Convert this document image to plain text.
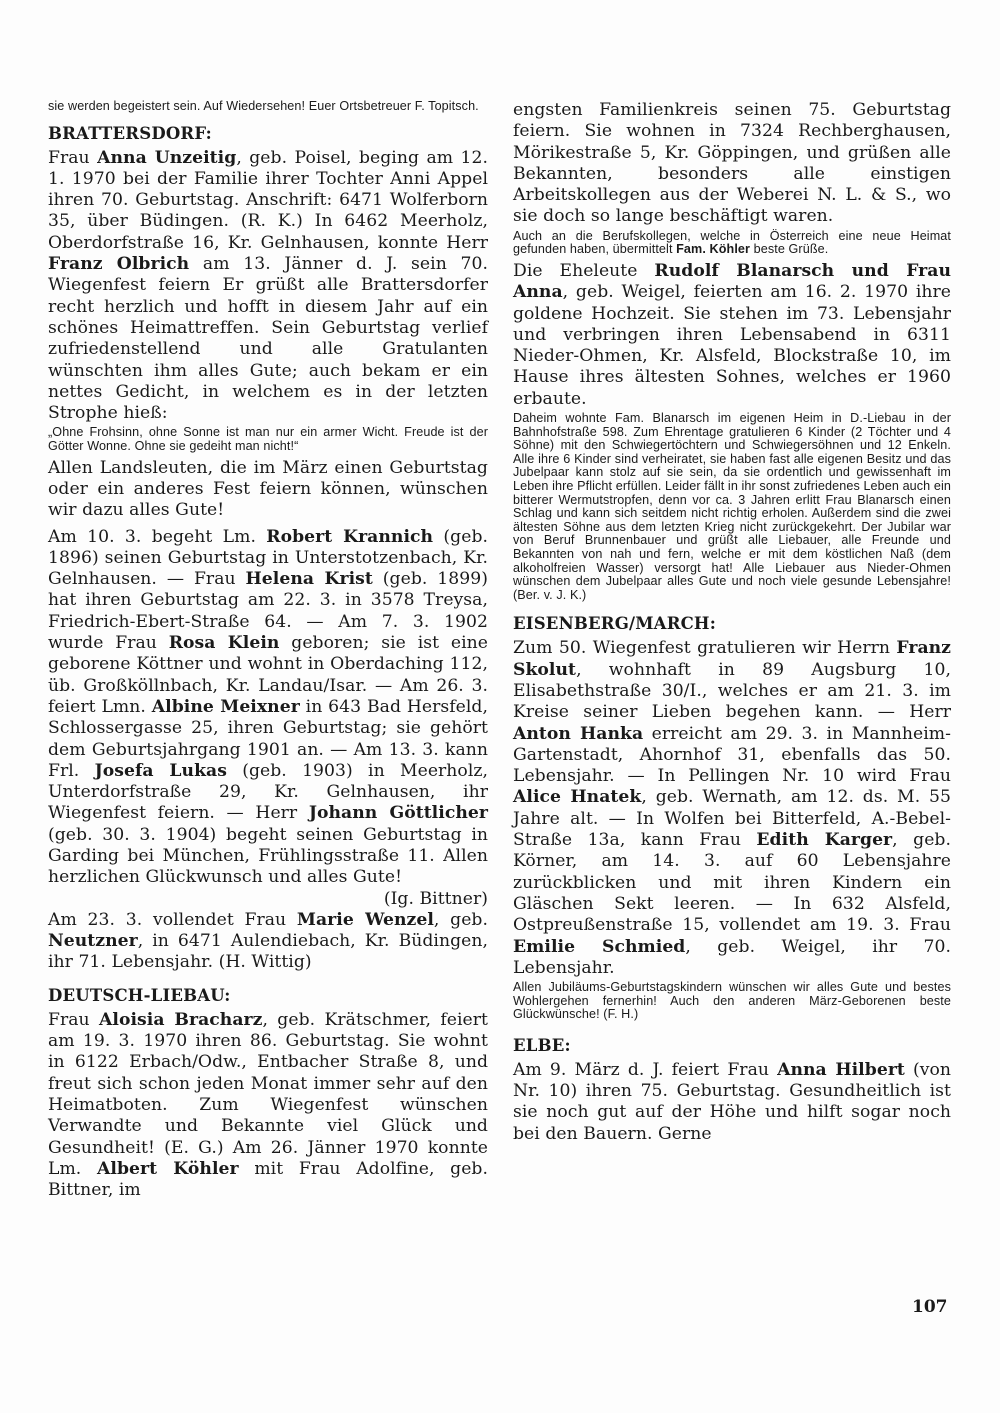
sie werden begeistert sein. Auf Wiedersehen! Euer Ortsbetreuer F. Topitsch.

BRATTERSDORF:

Frau Anna Unzeitig, geb. Poisel, beging am 12. 1. 1970 bei der Familie ihrer Tochter Anni Appel ihren 70. Geburtstag. Anschrift: 6471 Wolferborn 35, über Büdingen. (R. K.) In 6462 Meerholz, Oberdorfstraße 16, Kr. Gelnhausen, konnte Herr Franz Olbrich am 13. Jänner d. J. sein 70. Wiegenfest feiern Er grüßt alle Brattersdorfer recht herzlich und hofft in diesem Jahr auf ein schönes Heimattreffen. Sein Geburtstag verlief zufriedenstellend und alle Gratulanten wünschten ihm alles Gute; auch bekam er ein nettes Gedicht, in welchem es in der letzten Strophe hieß:

„Ohne Frohsinn, ohne Sonne ist man nur ein armer Wicht. Freude ist der Götter Wonne. Ohne sie gedeiht man nicht!“

Allen Landsleuten, die im März einen Geburtstag oder ein anderes Fest feiern können, wünschen wir dazu alles Gute!

Am 10. 3. begeht Lm. Robert Krannich (geb. 1896) seinen Geburtstag in Unterstotzenbach, Kr. Gelnhausen. — Frau Helena Krist (geb. 1899) hat ihren Geburtstag am 22. 3. in 3578 Treysa, Friedrich-Ebert-Straße 64. — Am 7. 3. 1902 wurde Frau Rosa Klein geboren; sie ist eine geborene Köttner und wohnt in Oberdaching 112, üb. Großköllnbach, Kr. Landau/Isar. — Am 26. 3. feiert Lmn. Albine Meixner in 643 Bad Hersfeld, Schlossergasse 25, ihren Geburtstag; sie gehört dem Geburtsjahrgang 1901 an. — Am 13. 3. kann Frl. Josefa Lukas (geb. 1903) in Meerholz, Unterdorfstraße 29, Kr. Gelnhausen, ihr Wiegenfest feiern. — Herr Johann Göttlicher (geb. 30. 3. 1904) begeht seinen Geburtstag in Garding bei München, Frühlingsstraße 11. Allen herzlichen Glückwunsch und alles Gute!

(Ig. Bittner)

Am 23. 3. vollendet Frau Marie Wenzel, geb. Neutzner, in 6471 Aulendiebach, Kr. Büdingen, ihr 71. Lebensjahr. (H. Wittig)

DEUTSCH-LIEBAU:

Frau Aloisia Bracharz, geb. Krätschmer, feiert am 19. 3. 1970 ihren 86. Geburtstag. Sie wohnt in 6122 Erbach/Odw., Entbacher Straße 8, und freut sich schon jeden Monat immer sehr auf den Heimatboten. Zum Wiegenfest wünschen Verwandte und Bekannte viel Glück und Gesundheit! (E. G.) Am 26. Jänner 1970 konnte Lm. Albert Köhler mit Frau Adolfine, geb. Bittner, im

engsten Familienkreis seinen 75. Geburtstag feiern. Sie wohnen in 7324 Rechberghausen, Mörikestraße 5, Kr. Göppingen, und grüßen alle Bekannten, besonders alle einstigen Arbeitskollegen aus der Weberei N. L. & S., wo sie doch so lange beschäftigt waren.

Auch an die Berufskollegen, welche in Österreich eine neue Heimat gefunden haben, übermittelt Fam. Köhler beste Grüße.

Die Eheleute Rudolf Blanarsch und Frau Anna, geb. Weigel, feierten am 16. 2. 1970 ihre goldene Hochzeit. Sie stehen im 73. Lebensjahr und verbringen ihren Lebensabend in 6311 Nieder-Ohmen, Kr. Alsfeld, Blockstraße 10, im Hause ihres ältesten Sohnes, welches er 1960 erbaute.

Daheim wohnte Fam. Blanarsch im eigenen Heim in D.-Liebau in der Bahnhofstraße 598. Zum Ehrentage gratulieren 6 Kinder (2 Töchter und 4 Söhne) mit den Schwiegertöchtern und Schwiegersöhnen und 12 Enkeln. Alle ihre 6 Kinder sind verheiratet, sie haben fast alle eigenen Besitz und das Jubelpaar kann stolz auf sie sein, da sie ordentlich und gewissenhaft im Leben ihre Pflicht erfüllen. Leider fällt in ihr sonst zufriedenes Leben auch ein bitterer Wermutstropfen, denn vor ca. 3 Jahren erlitt Frau Blanarsch einen Schlag und kann sich seitdem nicht richtig erholen. Außerdem sind die zwei ältesten Söhne aus dem letzten Krieg nicht zurückgekehrt. Der Jubilar war von Beruf Brunnenbauer und grüßt alle Liebauer, alle Freunde und Bekannten von nah und fern, welche er mit dem köstlichen Naß (dem alkoholfreien Wasser) versorgt hat! Alle Liebauer aus Nieder-Ohmen wünschen dem Jubelpaar alles Gute und noch viele gesunde Lebensjahre! (Ber. v. J. K.)

EISENBERG/MARCH:

Zum 50. Wiegenfest gratulieren wir Herrn Franz Skolut, wohnhaft in 89 Augsburg 10, Elisabethstraße 30/I., welches er am 21. 3. im Kreise seiner Lieben begehen kann. — Herr Anton Hanka erreicht am 29. 3. in Mannheim-Gartenstadt, Ahornhof 31, ebenfalls das 50. Lebensjahr. — In Pellingen Nr. 10 wird Frau Alice Hnatek, geb. Wernath, am 12. ds. M. 55 Jahre alt. — In Wolfen bei Bitterfeld, A.-Bebel-Straße 13a, kann Frau Edith Karger, geb. Körner, am 14. 3. auf 60 Lebensjahre zurückblicken und mit ihren Kindern ein Gläschen Sekt leeren. — In 632 Alsfeld, Ostpreußenstraße 15, vollendet am 19. 3. Frau Emilie Schmied, geb. Weigel, ihr 70. Lebensjahr.

Allen Jubiläums-Geburtstagskindern wünschen wir alles Gute und bestes Wohlergehen fernerhin! Auch den anderen März-Geborenen beste Glückwünsche! (F. H.)

ELBE:

Am 9. März d. J. feiert Frau Anna Hilbert (von Nr. 10) ihren 75. Geburtstag. Gesundheitlich ist sie noch gut auf der Höhe und hilft sogar noch bei den Bauern. Gerne

107
